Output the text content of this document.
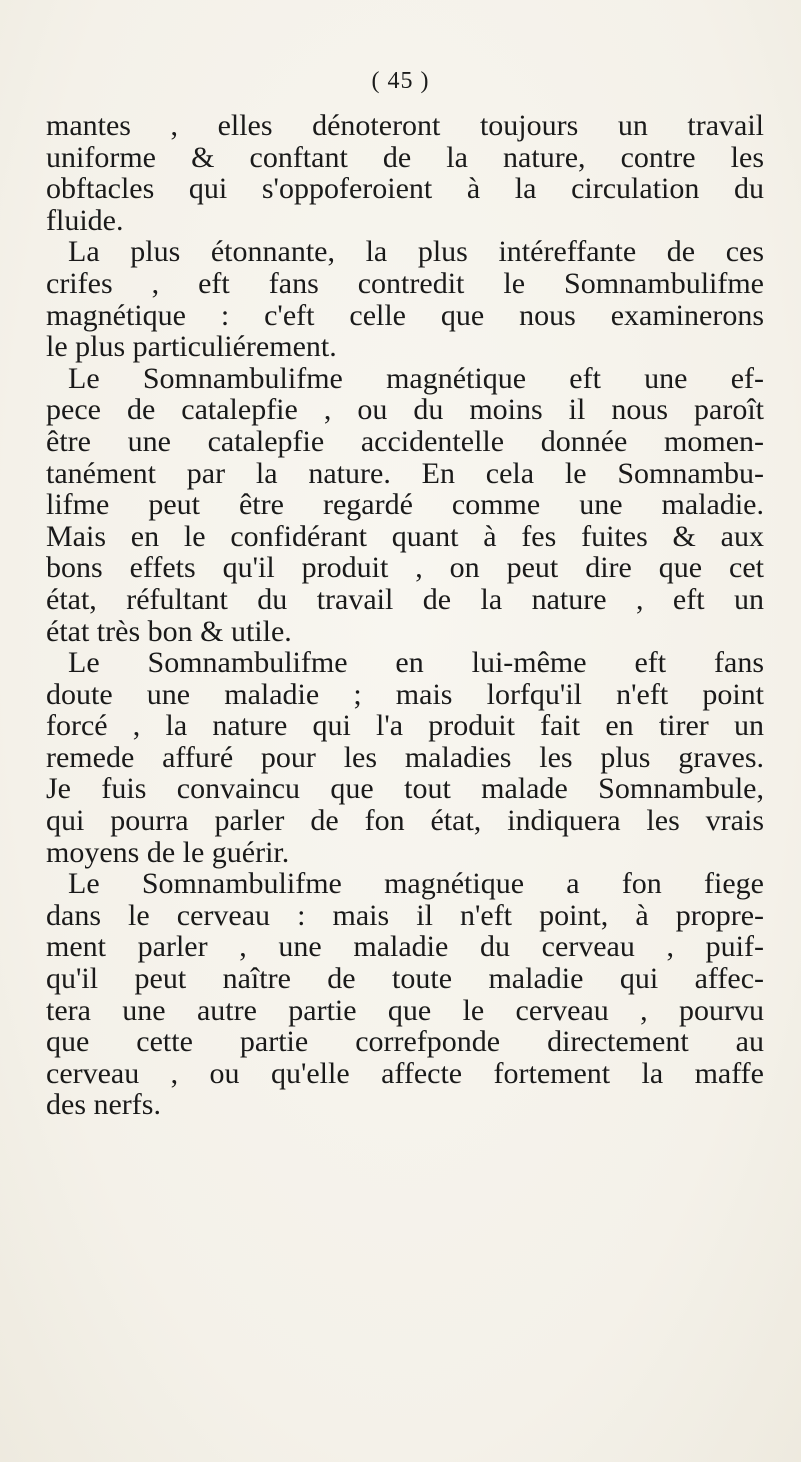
( 45 )
mantes , elles dénoteront toujours un travail
uniforme & conftant de la nature, contre les
obftacles qui s'oppoferoient à la circulation du
fluide.
La plus étonnante, la plus intéreffante de ces
crifes , eft fans contredit le Somnambulifme
magnétique : c'eft celle que nous examinerons
le plus particuliérement.
Le Somnambulifme magnétique eft une ef-
pece de catalepfie , ou du moins il nous paroît
être une catalepfie accidentelle donnée momen-
tanément par la nature. En cela le Somnambu-
lifme peut être regardé comme une maladie.
Mais en le confidérant quant à fes fuites & aux
bons effets qu'il produit , on peut dire que cet
état, réfultant du travail de la nature , eft un
état très bon & utile.
Le Somnambulifme en lui-même eft fans
doute une maladie ; mais lorfqu'il n'eft point
forcé , la nature qui l'a produit fait en tirer un
remede affuré pour les maladies les plus graves.
Je fuis convaincu que tout malade Somnambule,
qui pourra parler de fon état, indiquera les vrais
moyens de le guérir.
Le Somnambulifme magnétique a fon fiege
dans le cerveau : mais il n'eft point, à propre-
ment parler , une maladie du cerveau , puif-
qu'il peut naître de toute maladie qui affec-
tera une autre partie que le cerveau , pourvu
que cette partie correfponde directement au
cerveau , ou qu'elle affecte fortement la maffe
des nerfs.
